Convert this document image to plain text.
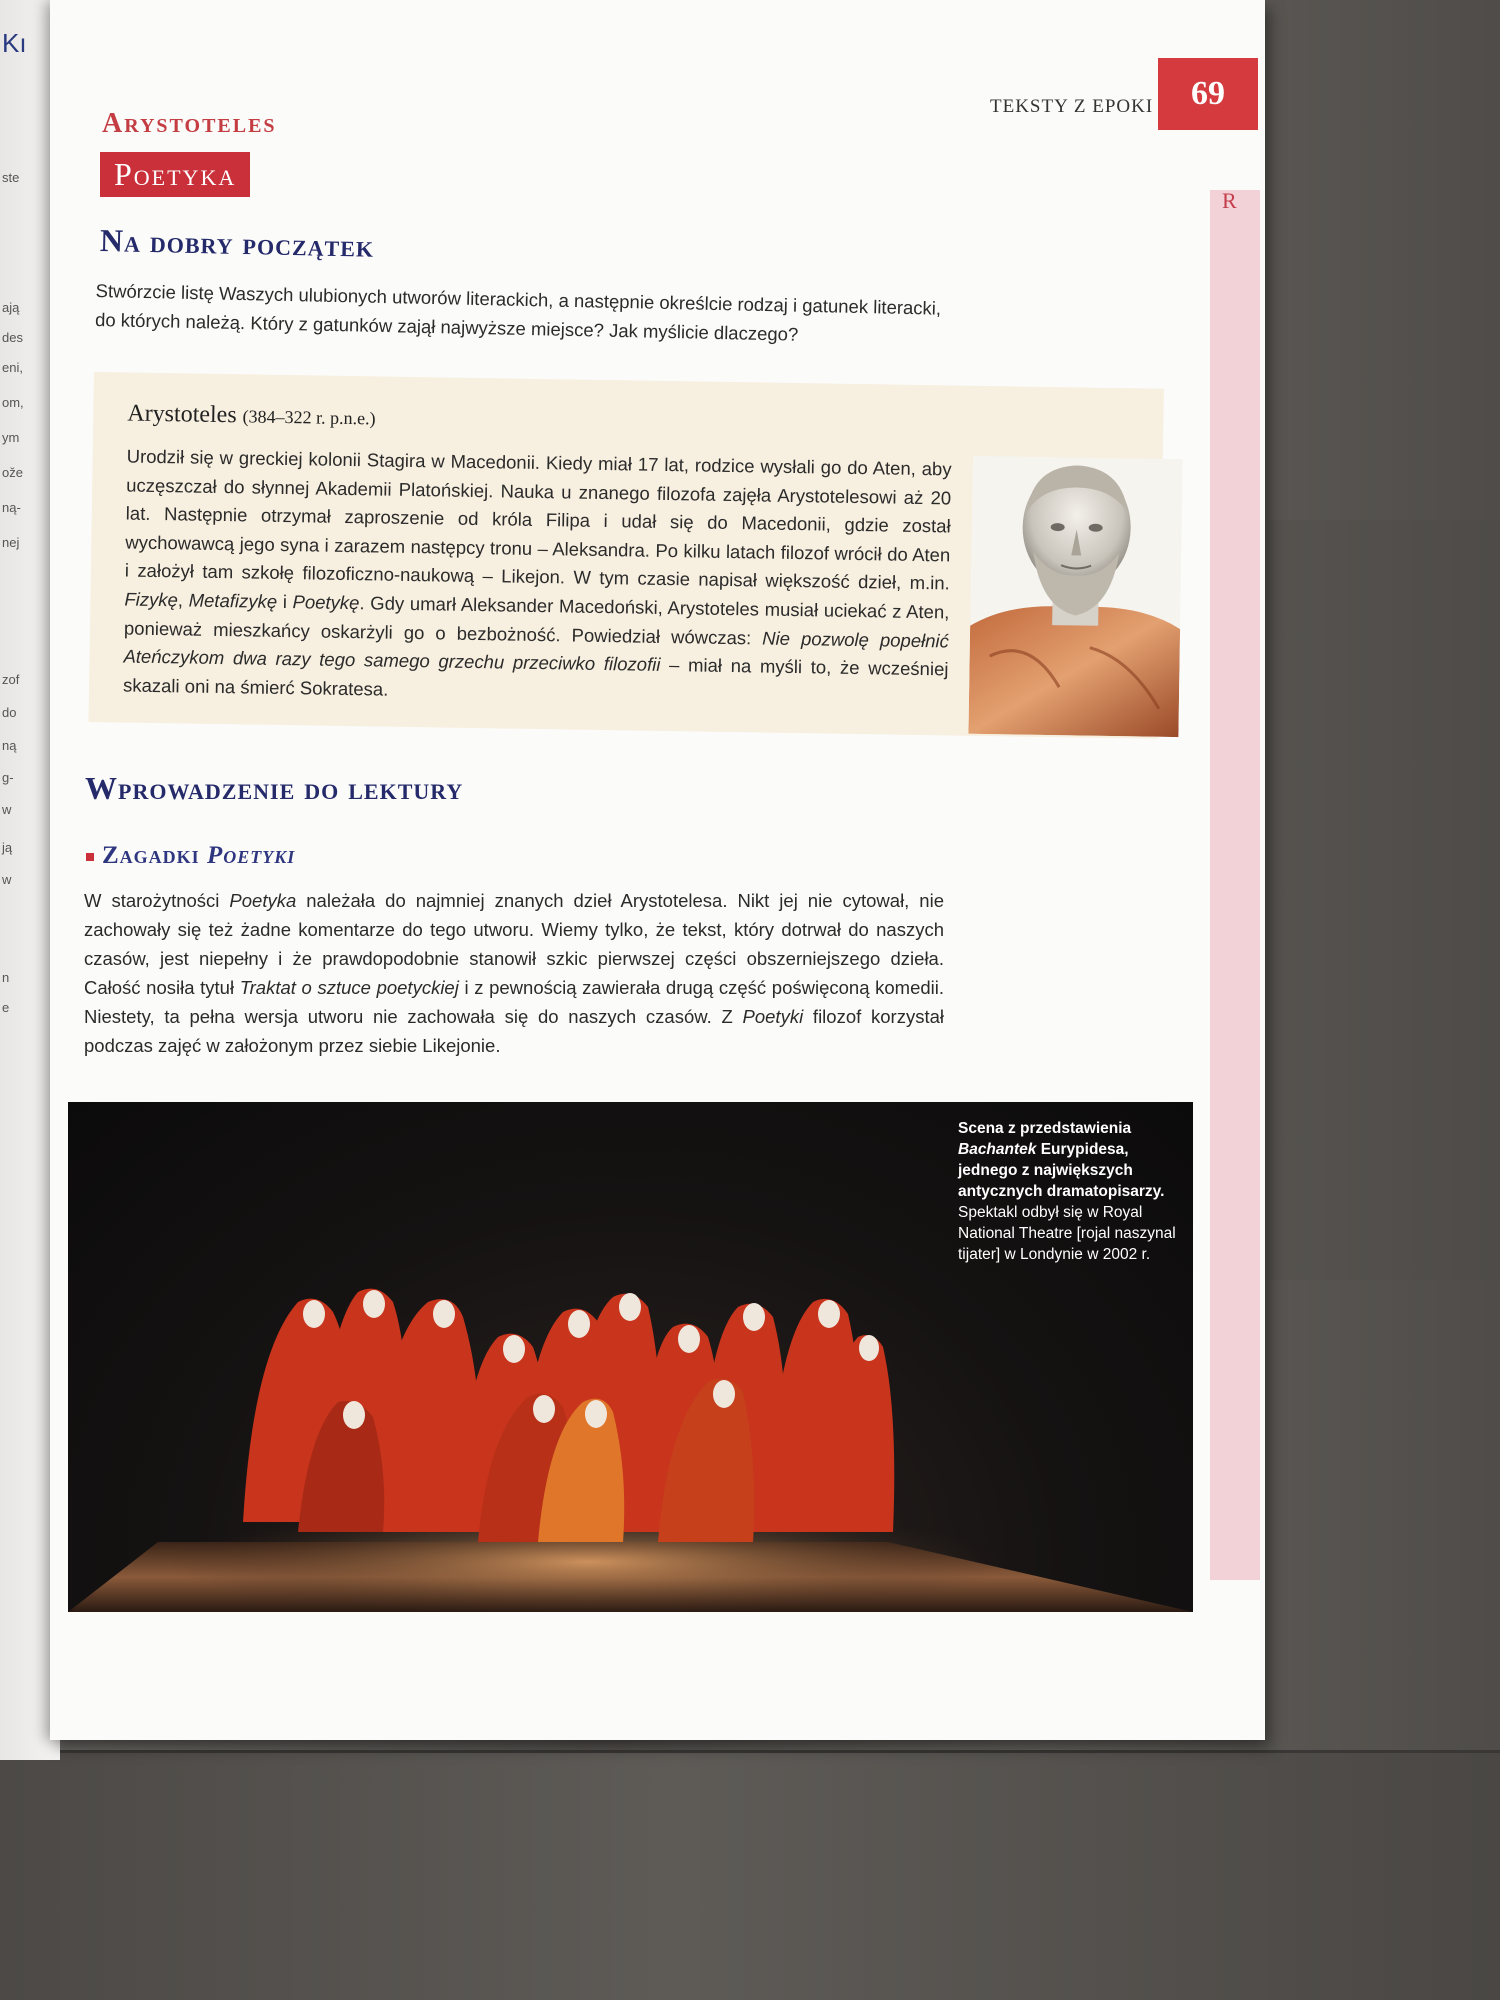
Kı
ste
ają
des
eni,
om,
ym
ože
ną-
nej
zof
do
ną
g-
w
ją
w
n
e
R
TEKSTY Z EPOKI	69
Arystoteles
Poetyka
Na dobry początek
Stwórzcie listę Waszych ulubionych utworów literackich, a następnie określcie rodzaj i gatunek literacki, do których należą. Który z gatunków zajął najwyższe miejsce? Jak myślicie dlaczego?
Arystoteles (384–322 r. p.n.e.)
Urodził się w greckiej kolonii Stagira w Macedonii. Kiedy miał 17 lat, rodzice wysłali go do Aten, aby uczęszczał do słynnej Akademii Platońskiej. Nauka u znanego filozofa zajęła Arystotelesowi aż 20 lat. Następnie otrzymał zaproszenie od króla Filipa i udał się do Macedonii, gdzie został wychowawcą jego syna i zarazem następcy tronu – Aleksandra. Po kilku latach filozof wrócił do Aten i założył tam szkołę filozoficzno-naukową – Likejon. W tym czasie napisał większość dzieł, m.in. Fizykę, Metafizykę i Poetykę. Gdy umarł Aleksander Macedoński, Arystoteles musiał uciekać z Aten, ponieważ mieszkańcy oskarżyli go o bezbożność. Powiedział wówczas: Nie pozwolę popełnić Ateńczykom dwa razy tego samego grzechu przeciwko filozofii – miał na myśli to, że wcześniej skazali oni na śmierć Sokratesa.
Wprowadzenie do lektury
Zagadki Poetyki
W starożytności Poetyka należała do najmniej znanych dzieł Arystotelesa. Nikt jej nie cytował, nie zachowały się też żadne komentarze do tego utworu. Wiemy tylko, że tekst, który dotrwał do naszych czasów, jest niepełny i że prawdopodobnie stanowił szkic pierwszej części obszerniejszego dzieła. Całość nosiła tytuł Traktat o sztuce poetyckiej i z pewnością zawierała drugą część poświęconą komedii. Niestety, ta pełna wersja utworu nie zachowała się do naszych czasów. Z Poetyki filozof korzystał podczas zajęć w założonym przez siebie Likejonie.
Scena z przedstawienia Bachantek Eurypidesa, jednego z największych antycznych dramatopisarzy. Spektakl odbył się w Royal National Theatre [rojal naszynal tijater] w Londynie w 2002 r.
